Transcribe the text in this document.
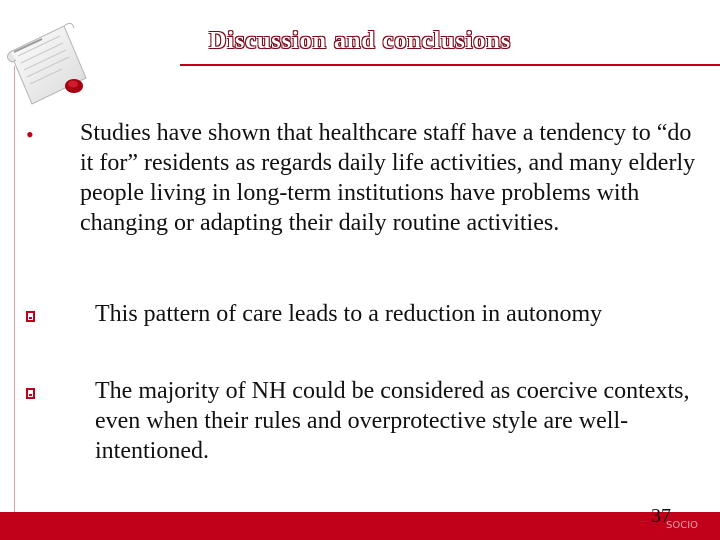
Discussion and conclusions
• Studies have shown that healthcare staff have a tendency to “do it for” residents as regards daily life activities, and many elderly people living in long-term institutions have problems with changing or adapting their daily routine activities.
This pattern of care leads to a reduction in autonomy
The majority of NH could be considered as coercive contexts, even when their rules and overprotective style are well-intentioned.
37
SOCIO
